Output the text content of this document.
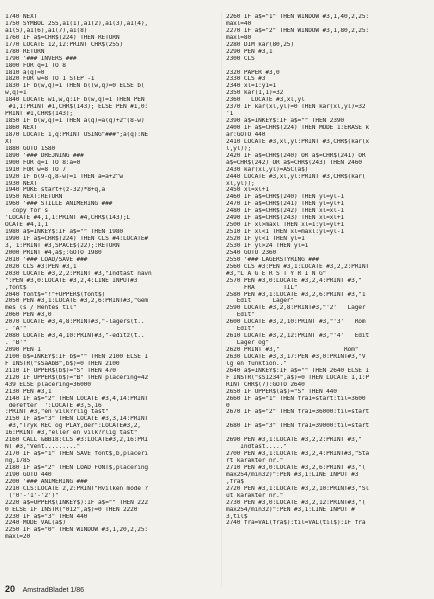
1740 NEXT
1750 SYMBOL 255,a1(1),a1(2),a1(3),a1(4),
a1(5),a1(6),a1(7),a1(8)
1760 IF a$=CHR$(224) THEN RETURN
1770 LOCATE 12,12:PRINT CHR$(255)
1780 RETURN
1790 '### INVERS ###
1800 FOR q=1 TO 8
1810 a(q)=0
1820 FOR w=8 TO 1 STEP -1
1830 IF b(w,q)=1 THEN b((w,q)=0 ELSE b(
w,q)=1
1840 LOCATE w1,w,q:IF b(w,q)=1 THEN PEN
#1,1:PRINT #1,CHR$(143); ELSE PEN #1,0:
PRINT #1,CHR$(143);
1850 IF b(w,q)=1 THEN a(q)=a(q)+2^(8-w)
1860 NEXT
1870 LOCATE 1,q:PRINT USING"###";a(q):NE
XT
1880 GOTO 1580
1890 '### DREJNING ###
1900 FOR q=1 TO 8:a=0
1910 FOR w=8 TO 7
1920 IF b(9-q,8-w)=1 THEN a=a+2^w
1930 NEXT
1940 POKE start+(z-32)*8+q,a
1950 NEXT:RETURN
1960 '### STILLE ANIMERING ###
copy for s
'LOCATE #4,1,1:PRINT #4,CHR$(143);L
OCATE #4,1,1
1980 a$=INKEY$:IF a$="" THEN 1980
1990 IF a$=CHR$(224) THEN CLS #4:LOCATE#
3, 1:PRINT #3,SPACE$(22);:RETURN
2000 PRINT #4,a$;:GOTO 1980
2010 '### LOAD/SAVE ###
2020 CLS #3:PEN #3,1
2030 LOCATE #3,2,2:PRINT #3,"Indtast navn
":PEN #3,0:LOCATE #3,2,4:LINE INPUT#3
,font$
2040 font$="!"+UPPER$(font$)
2050 PEN #3,1:LOCATE #3,2,6:PRINT#3,"Gem
mes (s / Hentes til"
2060 PEN #3,0
2070 LOCATE #3,4,8:PRINT#3,"-lagers(t..
. 'A'"
2080 LOCATE #3,4,10:PRINT#3,"-editz(t..
. 'B'"
2090 PEN 1
2100 b$=INKEY$:IF b$="" THEN 2100 ELSE I
F INSTR("sSaAbB",b$)=0 THEN 2100
2110 IF UPPER$(b$)="S" THEN 470
2120 IF UPPER$(b$)="B" THEN placering=42
439 ELSE placering=36000
2130 PEN #3,1
2140 IF a$="2" THEN LOCATE #3,4,14:PRINT
derefter  ':LOCATE #3,5,16
:PRINT #3,"en vilk?rlig tast"
2150 IF a$="3" THEN LOCATE #3,3,14:PRINT
#3,"Tryk REC og PLAY,der":LOCATE#3,2,
16:PRINT #3,"eller en vilk?rlig tast"
2160 CALL &BB18:CLS #3:LOCATE#3,2,16:PRI
NT #3,"Vent........."
2170 IF a$="1" THEN SAVE font$,b,placeri
ng,1785
2180 IF a$="2" THEN LOAD FONT$,placering
2190 GOTO 440
2200 '### ANIMERING ###
2210 CLS:LOCATE 2,2:PRINT"Hvilken mode ?
('0'-'1'-'2')"
2220 a$=UPPER$(INKEY$):IF a$="" THEN 222
0 ELSE IF INSTR("012",a$)=0 THEN 2220
2230 IF a$="3" THEN 440
2240 MODE VAL(a$)
2250 IF a$="0" THEN WINDOW #3,1,20,2,25:
maxl=20
2260 IF a$="1" THEN WINDOW #3,1,40,2,25:
maxl=40
2270 IF a$="2" THEN WINDOW #3,1,80,2,25:
maxl=80
2280 DIM kar(80,25)
2290 PEN #3,1
2300 CLS
2320 PAPER #3,0
2330 CLS #3
2340 xl=1:y1=1
2350 kar(1,1)=32
2360   LOCATE #3,xl,yl
2370 IF kar(xl,yl)=0 THEN kar(xl,yl)=32
'1
2390 a$=INKEY$:IF a$="" THEN 2390
2400 IF a$=CHR$(224) THEN MODE 1:ERASE k
ar:GOTO 440
2410 LOCATE #3,xl,yl:PRINT #3,CHR$(kar(x
l,yl));
2420 IF a$=CHR$(240) OR a$=CHR$(241) OR
a$=CHR$(242) OR a$=CHR$(243) THEN 2460
2430 kar(xl,yl)=ASC(a$)
2440 LOCATE #3,xl,yl:PRINT #3,CHR$(kar(
xl,yl));
2450 xl=xl+1
2460 IF a$=CHR$(240) THEN yl=yl-1
2470 IF a$=CHR$(241) THEN yl=yl+1
2480 IF a$=CHR$(242) THEN xl=xl-1
2490 IF a$=CHR$(243) THEN xl=xl+1
2500 IF xl>maxl THEN xl=1:yl=yl+1
2510 IF xl<1 THEN xl=maxl:yl=yl-1
2520 IF yl<1 THEN yl=1
2530 IF yl>24 THEN yl=1
2540 GOTO 2360
2550 '### LAGERSTYRING ###
2560 CLS #3:PEN #3,1:LOCATE #3,2,2:PRINT
#3,"L A G E R S T Y R I N G"
2570 PEN #3,0:LOCATE #3,2,4:PRINT #3,"
FRA        TIL"
2580 PEN #3,1:LOCATE #3,2,6:PRINT #3,"1
Edit      Lager"
2590 LOCATE #3,2,8:PRINT#3,"'2'   Lager
Edit"
2600 LOCATE #3,2,10:PRINT #3,"'3'   Rom
Edit"
2610 LOCATE #3,2,12:PRINT #3,"'4'   Edit
Lager og"
2620 PRINT #3,"                  Rom"
2630 LOCATE #3,3,17:PEN #3,0:PRINT#3,"V
lg en funktion.."
2640 a$=INKEY$:IF a$="" THEN 2640 ELSE I
F INSTR("sS1234",a$)=0 THEN LOCATE 1,1:P
RINT CHR$(7):GOTO 2640
2650 IF UPPER$(a$)="S" THEN 440
2660 IF a$="1" THEN fra1=start:til=3600
0
2670 IF a$="2" THEN fra1=36000:til=start
2680 IF a$="3" THEN fra1=39000:til=start
2690 PEN #3,1:LOCATE #3,2,2:PRINT #3,"
Indtast....."
2700 PEN #3,1:LOCATE #3,2,4:PRINT#3,"Sta
rt karakter nr."
2710 PEN #3,0:LOCATE #3,2,6:PRINT #3,"(
max254/min32)":PEN #3,1:LINE INPUT #3
,fra$
2720 PEN #3,1:LOCATE #3,2,10:PRINT#3,"Sl
ut karakter nr."
2730 PEN #3,0:LOCATE #3,2,12:PRINT#3,"(
max254/min32)":PEN #3,1:LINE INPUT #
3,til$
2740 fra=VAL(fra$):til=VAL(til$):IF fra
20 AmstradBladet 1/86
